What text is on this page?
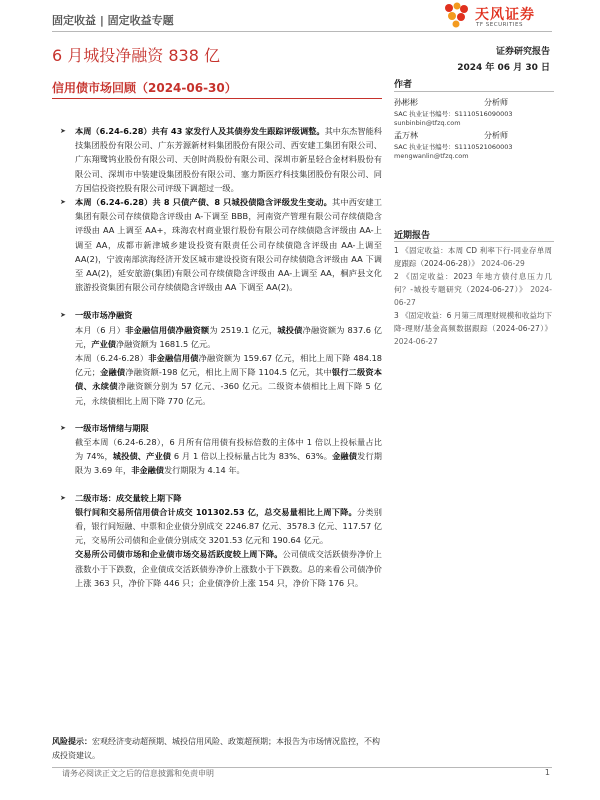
固定收益 | 固定收益专题	天风证券
TF SECURITIES
6 月城投净融资 838 亿	证券研究报告
2024 年 06 月 30 日
信用债市场回顾（2024-06-30）	作者
孙彬彬	分析师
SAC 执业证书编号：S1110516090003
sunbinbin@tfzq.com
孟万林	分析师
SAC 执业证书编号：S1110521060003
mengwanlin@tfzq.com
近期报告
1 《固定收益：本周 CD 利率下行-同业存单周度跟踪（2024-06-28）》 2024-06-29
2 《固定收益：2023 年地方债付息压力几何？-城投专题研究（2024-06-27）》 2024-06-27
3 《固定收益：6 月第三周理财规模和收益均下降-理财/基金高频数据跟踪（2024-06-27）》 2024-06-27
➤ 本周（6.24-6.28）共有 43 家发行人及其债券发生跟踪评级调整。其中东杰智能科技集团股份有限公司、广东芳源新材料集团股份有限公司、西安建工集团有限公司、广东翔鹭钨业股份有限公司、天创时尚股份有限公司、深圳市新星轻合金材料股份有限公司、深圳市中装建设集团股份有限公司、塞力斯医疗科技集团股份有限公司、同方国信投资控股有限公司评级下调超过一级。
➤ 本周（6.24-6.28）共 8 只债产债、8 只城投债隐含评级发生变动。其中西安建工集团有限公司存续债隐含评级由 A-下调至 BBB，河南资产管理有限公司存续债隐含评级由 AA 上调至 AA+，珠海农村商业银行股份有限公司存续债隐含评级由 AA-上调至 AA，成都市新津城乡建设投资有限责任公司存续债隐含评级由 AA-上调至 AA(2)，宁波南部滨海经济开发区城市建设投资有限公司存续债隐含评级由 AA 下调至 AA(2)，延安旅游(集团)有限公司存续债隐含评级由 AA-上调至 AA，桐庐县文化旅游投资集团有限公司存续债隐含评级由 AA 下调至 AA(2)。
➤ 一级市场净融资
本月（6 月）非金融信用债净融资额为 2519.1 亿元，城投债净融资额为 837.6 亿元，产业债净融资额为 1681.5 亿元。
本周（6.24-6.28）非金融信用债净融资额为 159.67 亿元，相比上周下降 484.18 亿元；金融债净融资额-198 亿元，相比上周下降 1104.5 亿元，其中银行二级资本债、永续债净融资额分别为 57 亿元、-360 亿元。二级资本债相比上周下降 5 亿元，永续债相比上周下降 770 亿元。
➤ 一级市场情绪与期限
截至本周（6.24-6.28），6 月所有信用债有投标倍数的主体中 1 倍以上投标量占比为 74%，城投债、产业债 6 月 1 倍以上投标量占比为 83%、63%。金融债发行期限为 3.69 年，非金融债发行期限为 4.14 年。
➤ 二级市场：成交量较上期下降
银行间和交易所信用债合计成交 101302.53 亿，总交易量相比上周下降。分类别看，银行间短融、中票和企业债分别成交 2246.87 亿元、3578.3 亿元、117.57 亿元，交易所公司债和企业债分别成交 3201.53 亿元和 190.64 亿元。
交易所公司债市场和企业债市场交易活跃度较上周下降。公司债成交活跃债券净价上涨数小于下跌数，企业债成交活跃债券净价上涨数小于下跌数。总的来看公司债净价上涨 363 只，净价下降 446 只；企业债净价上涨 154 只，净价下降 176 只。
风险提示：宏观经济变动超预期、城投信用风险、政策超预期；本报告为市场情况监控，不构成投资建议。
请务必阅读正文之后的信息披露和免责申明	1
